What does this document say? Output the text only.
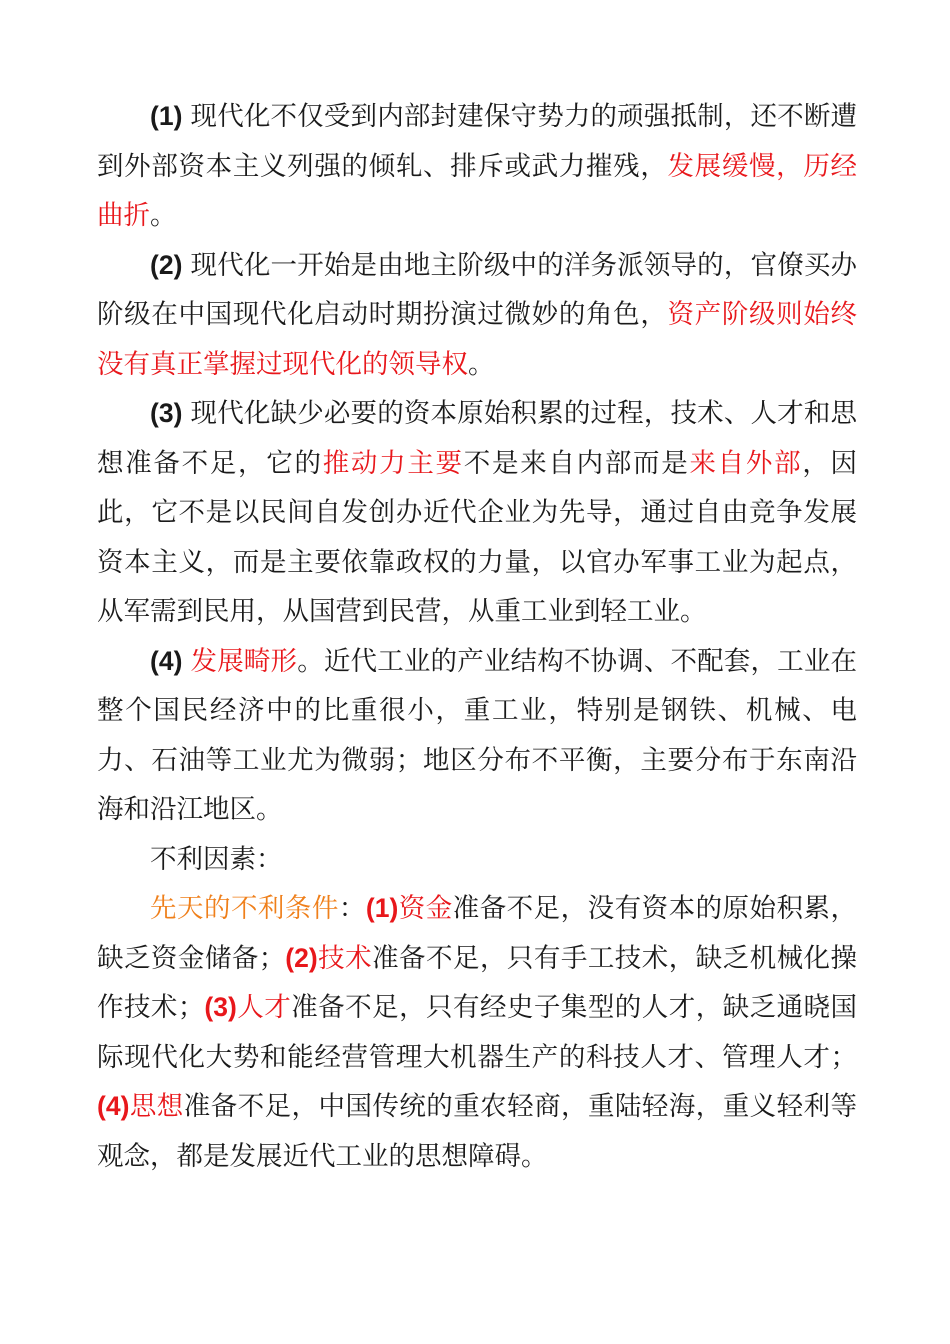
(1) 现代化不仅受到内部封建保守势力的顽强抵制，还不断遭到外部资本主义列强的倾轧、排斥或武力摧残，发展缓慢，历经曲折。

(2) 现代化一开始是由地主阶级中的洋务派领导的，官僚买办阶级在中国现代化启动时期扮演过微妙的角色，资产阶级则始终没有真正掌握过现代化的领导权。

(3) 现代化缺少必要的资本原始积累的过程，技术、人才和思想准备不足，它的推动力主要不是来自内部而是来自外部，因此，它不是以民间自发创办近代企业为先导，通过自由竞争发展资本主义，而是主要依靠政权的力量，以官办军事工业为起点，从军需到民用，从国营到民营，从重工业到轻工业。

(4) 发展畸形。近代工业的产业结构不协调、不配套，工业在整个国民经济中的比重很小，重工业，特别是钢铁、机械、电力、石油等工业尤为微弱；地区分布不平衡，主要分布于东南沿海和沿江地区。

不利因素：

先天的不利条件：(1)资金准备不足，没有资本的原始积累，缺乏资金储备；(2)技术准备不足，只有手工技术，缺乏机械化操作技术；(3)人才准备不足，只有经史子集型的人才，缺乏通晓国际现代化大势和能经营管理大机器生产的科技人才、管理人才；(4)思想准备不足，中国传统的重农轻商，重陆轻海，重义轻利等观念，都是发展近代工业的思想障碍。
